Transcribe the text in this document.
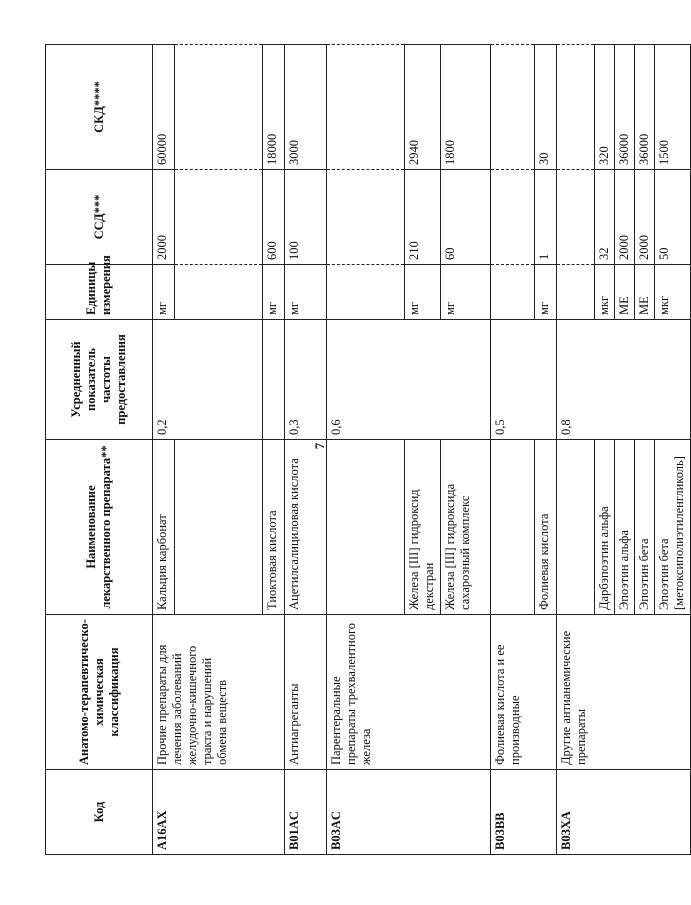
7
Код	Анатомо-терапевтическо-химическая классификация	Наименование лекарственного препарата**	Усредненный показатель частоты предоставления	Единицы измерения	ССД***	СКД****
A16AX	Прочие препараты для лечения заболеваний желудочно-кишечного тракта и нарушений обмена веществ	Кальция карбонат	0,2	мг	2000	60000

		Тиоктовая кислота		мг	600	18000
B01AC	Антиагреганты	Ацетилсалициловая кислота	0,3	мг	100	3000
B03AC	Парентеральные препараты трехвалентного железа		0,6			
		Железа [III] гидроксид декстран		мг	210	2940
		Железа [III] гидроксида сахарозный комплекс		мг	60	1800
B03BB	Фолиевая кислота и ее производные		0,5			
		Фолиевая кислота		мг	1	30
B03XA	Другие антианемические препараты		0,8			
		Дарбэпоэтин альфа		мкг	32	320
		Эпоэтин альфа		МЕ	2000	36000
		Эпоэтин бета		МЕ	2000	36000
		Эпоэтин бета [метоксиполиэтиленгликоль]		мкг	50	1500
